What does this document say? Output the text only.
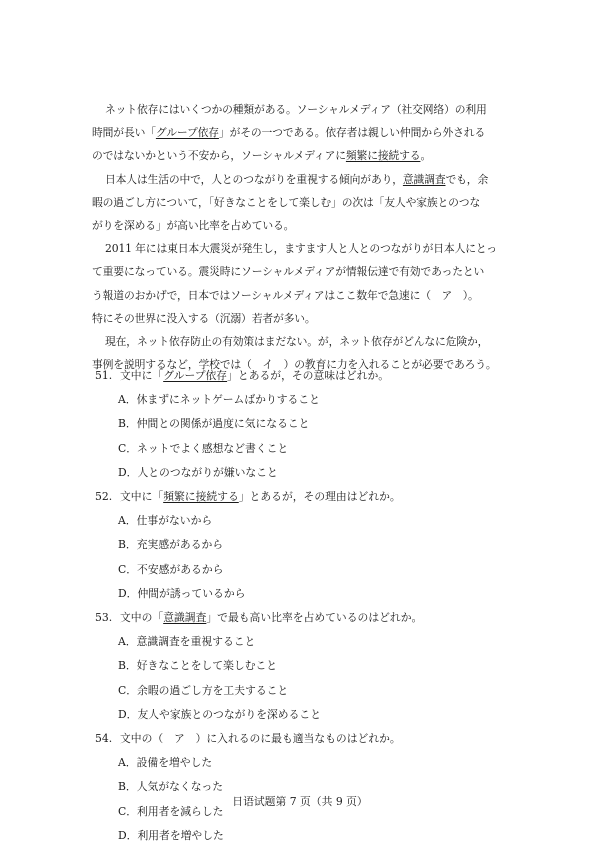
ネット依存にはいくつかの種類がある。ソーシャルメディア（社交网络）の利用
時間が長い「グループ依存」がその一つである。依存者は親しい仲間から外される
のではないかという不安から，ソーシャルメディアに頻繁に接続する。

日本人は生活の中で，人とのつながりを重視する傾向があり，意識調査でも，余
暇の過ごし方について，「好きなことをして楽しむ」の次は「友人や家族とのつな
がりを深める」が高い比率を占めている。

2011 年には東日本大震災が発生し，ますます人と人とのつながりが日本人にとっ
て重要になっている。震災時にソーシャルメディアが情報伝達で有効であったとい
う報道のおかげで，日本ではソーシャルメディアはここ数年で急速に（　ア　）。
特にその世界に没入する（沉溺）若者が多い。

現在，ネット依存防止の有効策はまだない。が，ネット依存がどんなに危険か，
事例を説明するなど，学校では（　イ　）の教育に力を入れることが必要であろう。

51. 文中に「グループ依存」とあるが，その意味はどれか。
A．休まずにネットゲームばかりすること
B．仲間との関係が過度に気になること
C．ネットでよく感想など書くこと
D．人とのつながりが嫌いなこと
52. 文中に「頻繁に接続する」とあるが，その理由はどれか。
A．仕事がないから
B．充実感があるから
C．不安感があるから
D．仲間が誘っているから
53. 文中の「意識調査」で最も高い比率を占めているのはどれか。
A．意識調査を重視すること
B．好きなことをして楽しむこと
C．余暇の過ごし方を工夫すること
D．友人や家族とのつながりを深めること
54. 文中の（　ア　）に入れるのに最も適当なものはどれか。
A．設備を増やした
B．人気がなくなった
C．利用者を減らした
D．利用者を増やした
日语试题第 7 页（共 9 页）
